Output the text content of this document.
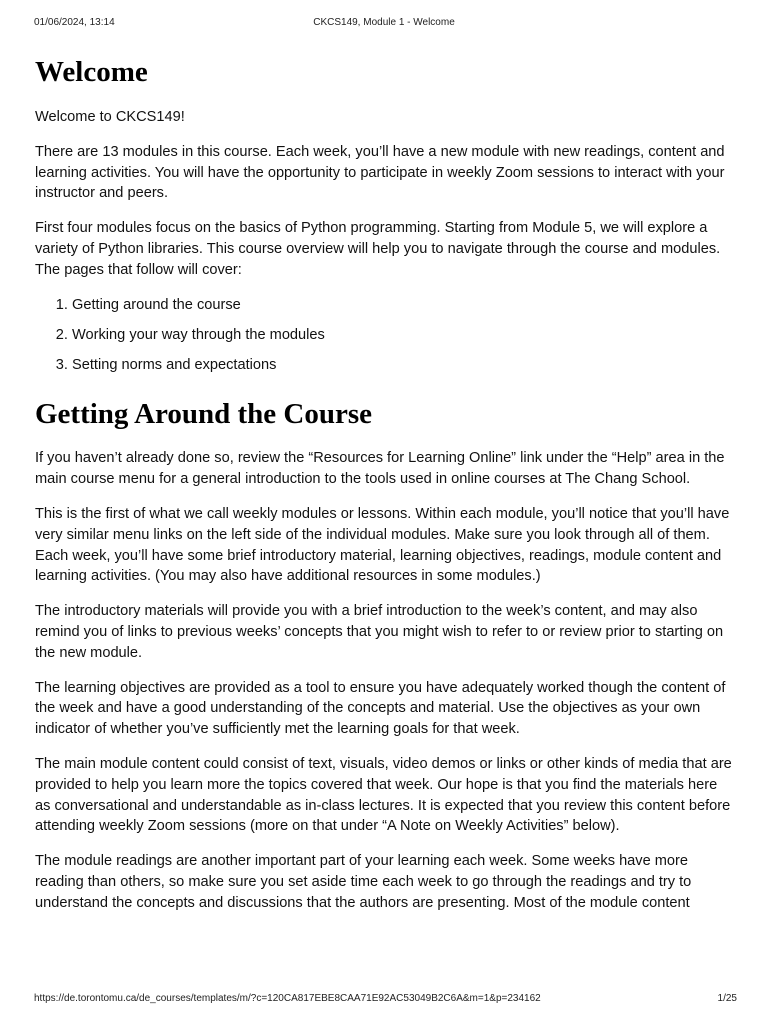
01/06/2024, 13:14	CKCS149, Module 1 - Welcome
Welcome

Welcome to CKCS149!

There are 13 modules in this course. Each week, you’ll have a new module with new readings, content and learning activities. You will have the opportunity to participate in weekly Zoom sessions to interact with your instructor and peers.

First four modules focus on the basics of Python programming. Starting from Module 5, we will explore a variety of Python libraries. This course overview will help you to navigate through the course and modules. The pages that follow will cover:

1. Getting around the course
2. Working your way through the modules
3. Setting norms and expectations
Getting Around the Course

If you haven’t already done so, review the “Resources for Learning Online” link under the “Help” area in the main course menu for a general introduction to the tools used in online courses at The Chang School.

This is the first of what we call weekly modules or lessons. Within each module, you’ll notice that you’ll have very similar menu links on the left side of the individual modules. Make sure you look through all of them. Each week, you’ll have some brief introductory material, learning objectives, readings, module content and learning activities. (You may also have additional resources in some modules.)

The introductory materials will provide you with a brief introduction to the week’s content, and may also remind you of links to previous weeks’ concepts that you might wish to refer to or review prior to starting on the new module.

The learning objectives are provided as a tool to ensure you have adequately worked though the content of the week and have a good understanding of the concepts and material. Use the objectives as your own indicator of whether you’ve sufficiently met the learning goals for that week.

The main module content could consist of text, visuals, video demos or links or other kinds of media that are provided to help you learn more the topics covered that week. Our hope is that you find the materials here as conversational and understandable as in-class lectures. It is expected that you review this content before attending weekly Zoom sessions (more on that under “A Note on Weekly Activities” below).

The module readings are another important part of your learning each week. Some weeks have more reading than others, so make sure you set aside time each week to go through the readings and try to understand the concepts and discussions that the authors are presenting. Most of the module content

https://de.torontomu.ca/de_courses/templates/m/?c=120CA817EBE8CAA71E92AC53049B2C6A&m=1&p=234162	1/25
